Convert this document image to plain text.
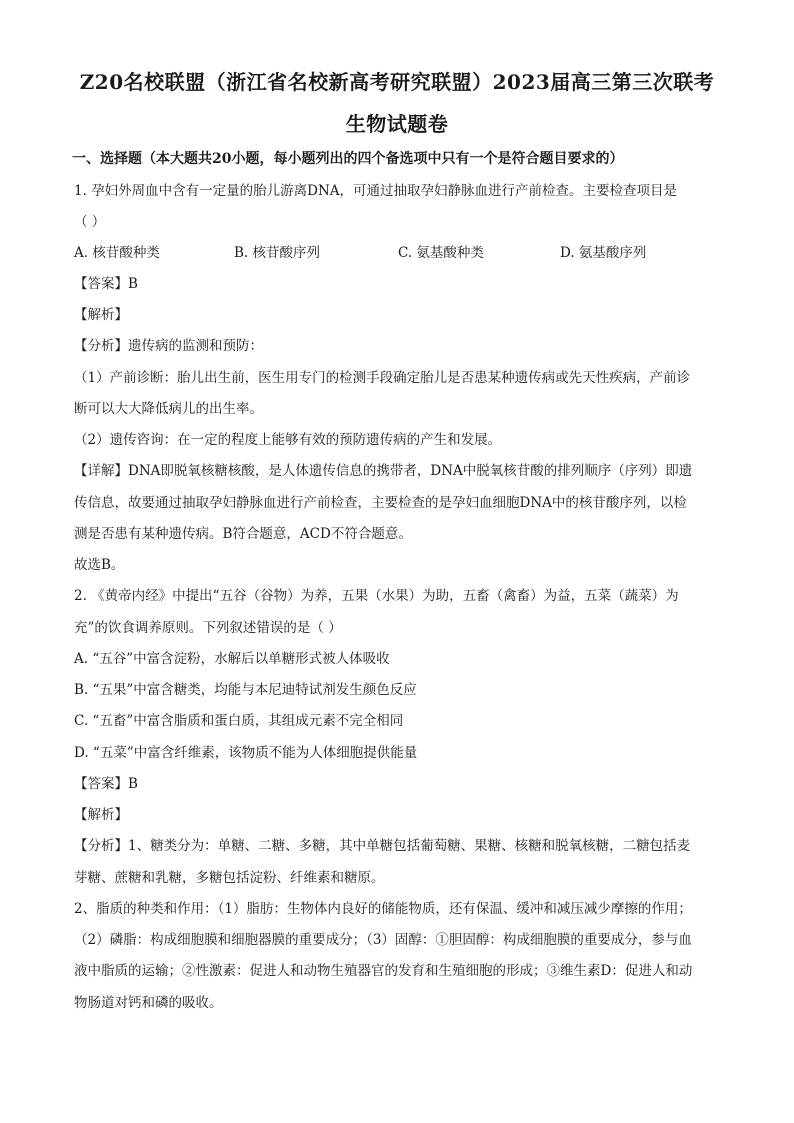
Z20名校联盟（浙江省名校新高考研究联盟）2023届高三第三次联考
生物试题卷
一、选择题（本大题共20小题，每小题列出的四个备选项中只有一个是符合题目要求的）
1. 孕妇外周血中含有一定量的胎儿游离DNA，可通过抽取孕妇静脉血进行产前检查。主要检查项目是
（ ）
A. 核苷酸种类	B. 核苷酸序列	C. 氨基酸种类	D. 氨基酸序列
【答案】B
【解析】
【分析】遗传病的监测和预防：
（1）产前诊断：胎儿出生前，医生用专门的检测手段确定胎儿是否患某种遗传病或先天性疾病，产前诊
断可以大大降低病儿的出生率。
（2）遗传咨询：在一定的程度上能够有效的预防遗传病的产生和发展。
【详解】DNA即脱氧核糖核酸，是人体遗传信息的携带者，DNA中脱氧核苷酸的排列顺序（序列）即遗
传信息，故要通过抽取孕妇静脉血进行产前检查，主要检查的是孕妇血细胞DNA中的核苷酸序列，以检
测是否患有某种遗传病。B符合题意，ACD不符合题意。
故选B。
2. 《黄帝内经》中提出“五谷（谷物）为养，五果（水果）为助，五畜（禽畜）为益，五菜（蔬菜）为
充”的饮食调养原则。下列叙述错误的是（ ）
A. “五谷”中富含淀粉，水解后以单糖形式被人体吸收
B. “五果”中富含糖类，均能与本尼迪特试剂发生颜色反应
C. “五畜”中富含脂质和蛋白质，其组成元素不完全相同
D. “五菜”中富含纤维素，该物质不能为人体细胞提供能量
【答案】B
【解析】
【分析】1、糖类分为：单糖、二糖、多糖，其中单糖包括葡萄糖、果糖、核糖和脱氧核糖，二糖包括麦
芽糖、蔗糖和乳糖，多糖包括淀粉、纤维素和糖原。
2、脂质的种类和作用：（1）脂肪：生物体内良好的储能物质，还有保温、缓冲和减压减少摩擦的作用；
（2）磷脂：构成细胞膜和细胞器膜的重要成分；（3）固醇：①胆固醇：构成细胞膜的重要成分，参与血
液中脂质的运输；②性激素：促进人和动物生殖器官的发育和生殖细胞的形成；③维生素D：促进人和动
物肠道对钙和磷的吸收。
